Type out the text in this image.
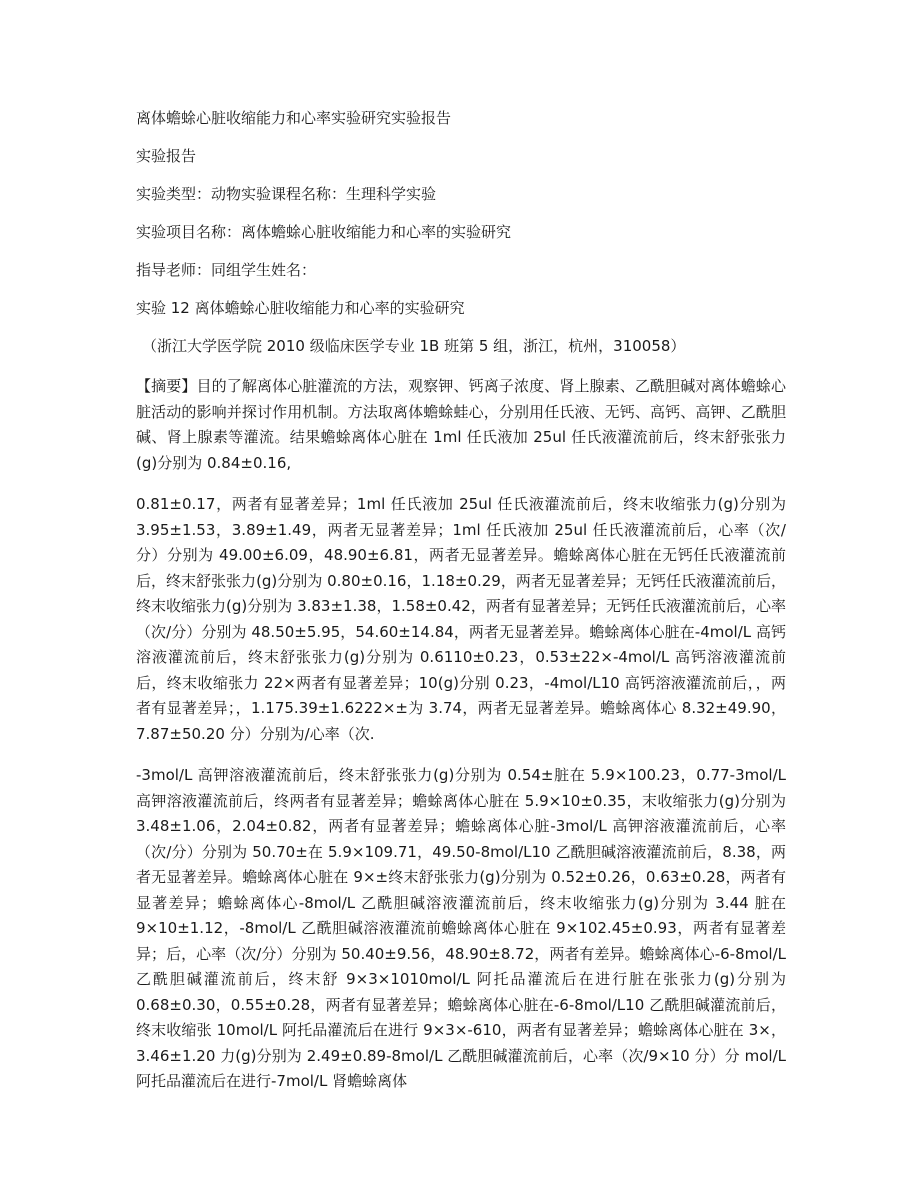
离体蟾蜍心脏收缩能力和心率实验研究实验报告
实验报告
实验类型：动物实验课程名称：生理科学实验
实验项目名称：离体蟾蜍心脏收缩能力和心率的实验研究
指导老师：同组学生姓名：
实验 12 离体蟾蜍心脏收缩能力和心率的实验研究
（浙江大学医学院 2010 级临床医学专业 1B 班第 5 组，浙江，杭州，310058）
【摘要】目的了解离体心脏灌流的方法，观察钾、钙离子浓度、肾上腺素、乙酰胆碱对离体蟾蜍心脏活动的影响并探讨作用机制。方法取离体蟾蜍蛙心，分别用任氏液、无钙、高钙、高钾、乙酰胆碱、肾上腺素等灌流。结果蟾蜍离体心脏在 1ml 任氏液加 25ul 任氏液灌流前后，终末舒张张力(g)分别为 0.84±0.16,
0.81±0.17，两者有显著差异；1ml 任氏液加 25ul 任氏液灌流前后，终末收缩张力(g)分别为 3.95±1.53，3.89±1.49，两者无显著差异；1ml 任氏液加 25ul 任氏液灌流前后，心率（次/分）分别为 49.00±6.09，48.90±6.81，两者无显著差异。蟾蜍离体心脏在无钙任氏液灌流前后，终末舒张张力(g)分别为 0.80±0.16，1.18±0.29，两者无显著差异；无钙任氏液灌流前后，终末收缩张力(g)分别为 3.83±1.38，1.58±0.42，两者有显著差异；无钙任氏液灌流前后，心率（次/分）分别为 48.50±5.95，54.60±14.84，两者无显著差异。蟾蜍离体心脏在-4mol/L 高钙溶液灌流前后，终末舒张张力(g)分别为 0.6110±0.23，0.53±22×-4mol/L 高钙溶液灌流前后，终末收缩张力 22×两者有显著差异；10(g)分别 0.23，-4mol/L10 高钙溶液灌流前后，，两者有显著差异；，1.175.39±1.6222×±为 3.74，两者无显著差异。蟾蜍离体心 8.32±49.90，7.87±50.20 分）分别为/心率（次.
-3mol/L 高钾溶液灌流前后，终末舒张张力(g)分别为 0.54±脏在 5.9×100.23，0.77-3mol/L 高钾溶液灌流前后，终两者有显著差异；蟾蜍离体心脏在 5.9×10±0.35，末收缩张力(g)分别为 3.48±1.06，2.04±0.82，两者有显著差异；蟾蜍离体心脏-3mol/L 高钾溶液灌流前后，心率（次/分）分别为 50.70±在 5.9×109.71，49.50-8mol/L10 乙酰胆碱溶液灌流前后，8.38，两者无显著差异。蟾蜍离体心脏在 9×±终末舒张张力(g)分别为 0.52±0.26，0.63±0.28，两者有显著差异；蟾蜍离体心-8mol/L 乙酰胆碱溶液灌流前后，终末收缩张力(g)分别为 3.44 脏在 9×10±1.12，-8mol/L 乙酰胆碱溶液灌流前蟾蜍离体心脏在 9×102.45±0.93，两者有显著差异；后，心率（次/分）分别为 50.40±9.56，48.90±8.72，两者有差异。蟾蜍离体心-6-8mol/L 乙酰胆碱灌流前后，终末舒 9×3×1010mol/L 阿托品灌流后在进行脏在张张力(g)分别为 0.68±0.30，0.55±0.28，两者有显著差异；蟾蜍离体心脏在-6-8mol/L10 乙酰胆碱灌流前后，终末收缩张 10mol/L 阿托品灌流后在进行 9×3×-610，两者有显著差异；蟾蜍离体心脏在 3×，3.46±1.20 力(g)分别为 2.49±0.89-8mol/L 乙酰胆碱灌流前后，心率（次/9×10 分）分 mol/L 阿托品灌流后在进行-7mol/L 肾蟾蜍离体
